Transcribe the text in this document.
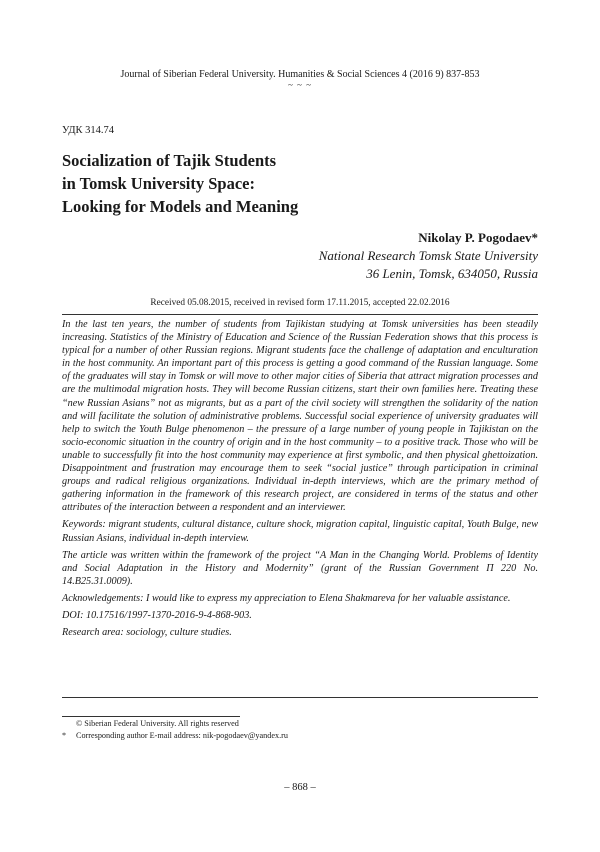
Journal of Siberian Federal University. Humanities & Social Sciences 4 (2016 9) 837-853
~ ~ ~
УДК 314.74
Socialization of Tajik Students
in Tomsk University Space:
Looking for Models and Meaning
Nikolay P. Pogodaev*
National Research Tomsk State University
36 Lenin, Tomsk, 634050, Russia
Received 05.08.2015, received in revised form 17.11.2015, accepted 22.02.2016

In the last ten years, the number of students from Tajikistan studying at Tomsk universities has been steadily increasing. Statistics of the Ministry of Education and Science of the Russian Federation shows that this process is typical for a number of other Russian regions. Migrant students face the challenge of adaptation and enculturation in the host community. An important part of this process is getting a good command of the Russian language. Some of the graduates will stay in Tomsk or will move to other major cities of Siberia that attract migration processes and are the multimodal migration hosts. They will become Russian citizens, start their own families here. Treating these “new Russian Asians” not as migrants, but as a part of the civil society will strengthen the solidarity of the nation and will facilitate the solution of administrative problems. Successful social experience of university graduates will help to switch the Youth Bulge phenomenon – the pressure of a large number of young people in Tajikistan on the socio-economic situation in the country of origin and in the host community – to a positive track. Those who will be unable to successfully fit into the host community may experience at first symbolic, and then physical ghettoization. Disappointment and frustration may encourage them to seek “social justice” through participation in criminal groups and radical religious organizations. Individual in-depth interviews, which are the primary method of gathering information in the framework of this research project, are considered in terms of the status and other attributes of the interaction between a respondent and an interviewer.

Keywords: migrant students, cultural distance, culture shock, migration capital, linguistic capital, Youth Bulge, new Russian Asians, individual in-depth interview.

The article was written within the framework of the project “A Man in the Changing World. Problems of Identity and Social Adaptation in the History and Modernity” (grant of the Russian Government П 220 No. 14.B25.31.0009).

Acknowledgements: I would like to express my appreciation to Elena Shakmareva for her valuable assistance.

DOI: 10.17516/1997-1370-2016-9-4-868-903.

Research area: sociology, culture studies.

© Siberian Federal University. All rights reserved
*	Corresponding author E-mail address: nik-pogodaev@yandex.ru
– 868 –
